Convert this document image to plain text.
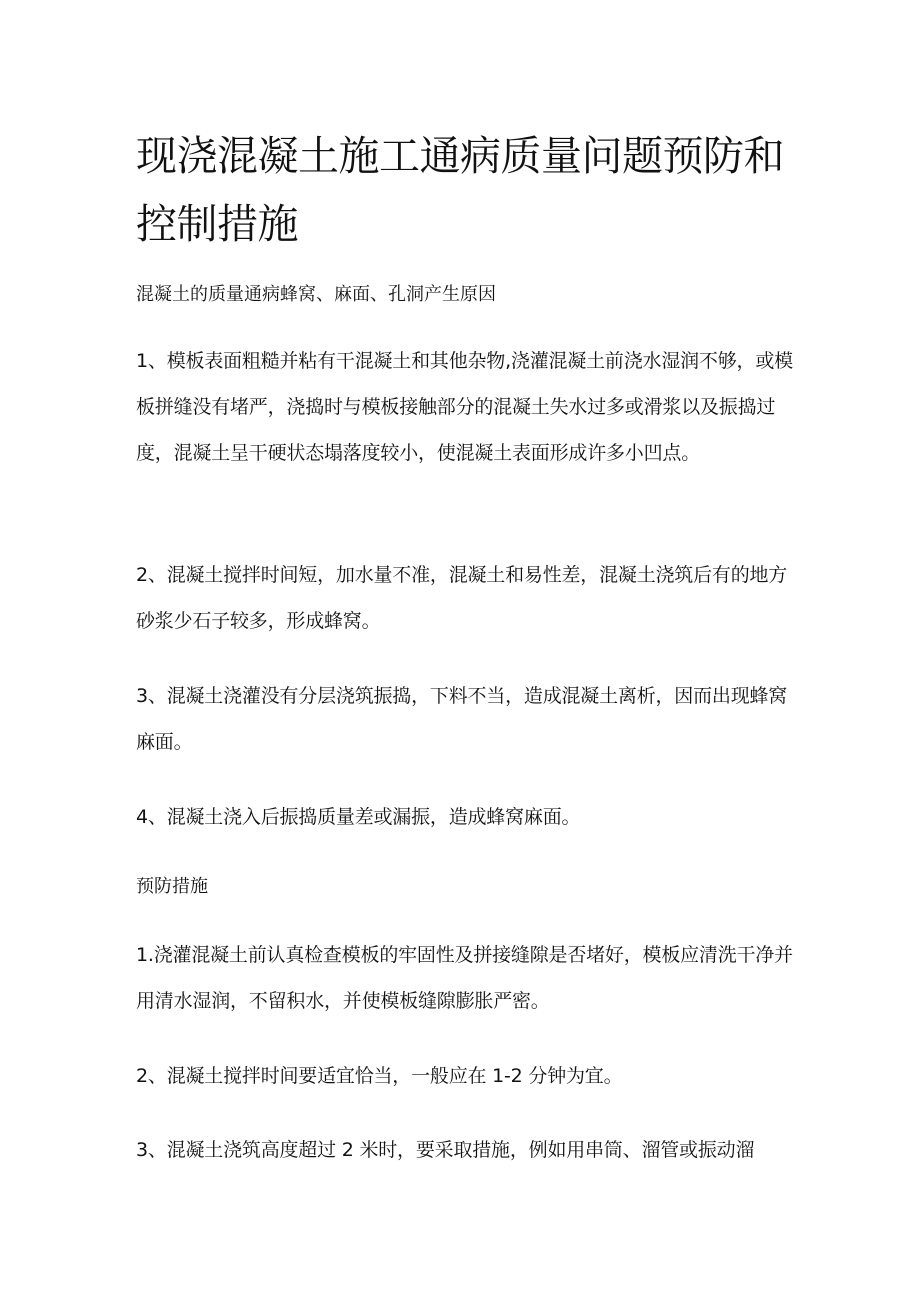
现浇混凝土施工通病质量问题预防和控制措施

混凝土的质量通病蜂窝、麻面、孔洞产生原因

1、模板表面粗糙并粘有干混凝土和其他杂物,浇灌混凝土前浇水湿润不够，或模板拼缝没有堵严，浇捣时与模板接触部分的混凝土失水过多或滑浆以及振捣过度，混凝土呈干硬状态塌落度较小，使混凝土表面形成许多小凹点。

2、混凝土搅拌时间短，加水量不准，混凝土和易性差，混凝土浇筑后有的地方砂浆少石子较多，形成蜂窝。

3、混凝土浇灌没有分层浇筑振捣，下料不当，造成混凝土离析，因而出现蜂窝麻面。

4、混凝土浇入后振捣质量差或漏振，造成蜂窝麻面。

预防措施

1.浇灌混凝土前认真检查模板的牢固性及拼接缝隙是否堵好，模板应清洗干净并用清水湿润，不留积水，并使模板缝隙膨胀严密。

2、混凝土搅拌时间要适宜恰当，一般应在 1-2 分钟为宜。

3、混凝土浇筑高度超过 2 米时，要采取措施，例如用串筒、溜管或振动溜
